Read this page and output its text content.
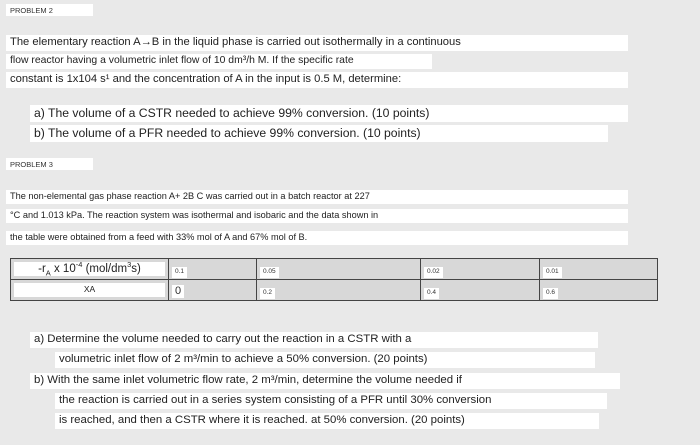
PROBLEM 2
The elementary reaction A→B in the liquid phase is carried out isothermally in a continuous
flow reactor having a volumetric inlet flow of 10 dm³/h M. If the specific rate
constant is 1x104 s¹ and the concentration of A in the input is 0.5 M, determine:
a) The volume of a CSTR needed to achieve 99% conversion. (10 points)
b) The volume of a PFR needed to achieve 99% conversion. (10 points)
PROBLEM 3
The non-elemental gas phase reaction A+ 2B C was carried out in a batch reactor at 227
°C and 1.013 kPa. The reaction system was isothermal and isobaric and the data shown in
the table were obtained from a feed with 33% mol of A and 67% mol of B.
$-r_A$ x $10^{-4}$ $(mol/dm^3s)$	0.1	0.05	0.02	0.01

XA	0	0.2	0.4	0.6
a) Determine the volume needed to carry out the reaction in a CSTR with a
volumetric inlet flow of 2 m³/min to achieve a 50% conversion. (20 points)
b) With the same inlet volumetric flow rate, 2 m³/min, determine the volume needed if
the reaction is carried out in a series system consisting of a PFR until 30% conversion
is reached, and then a CSTR where it is reached. at 50% conversion. (20 points)
